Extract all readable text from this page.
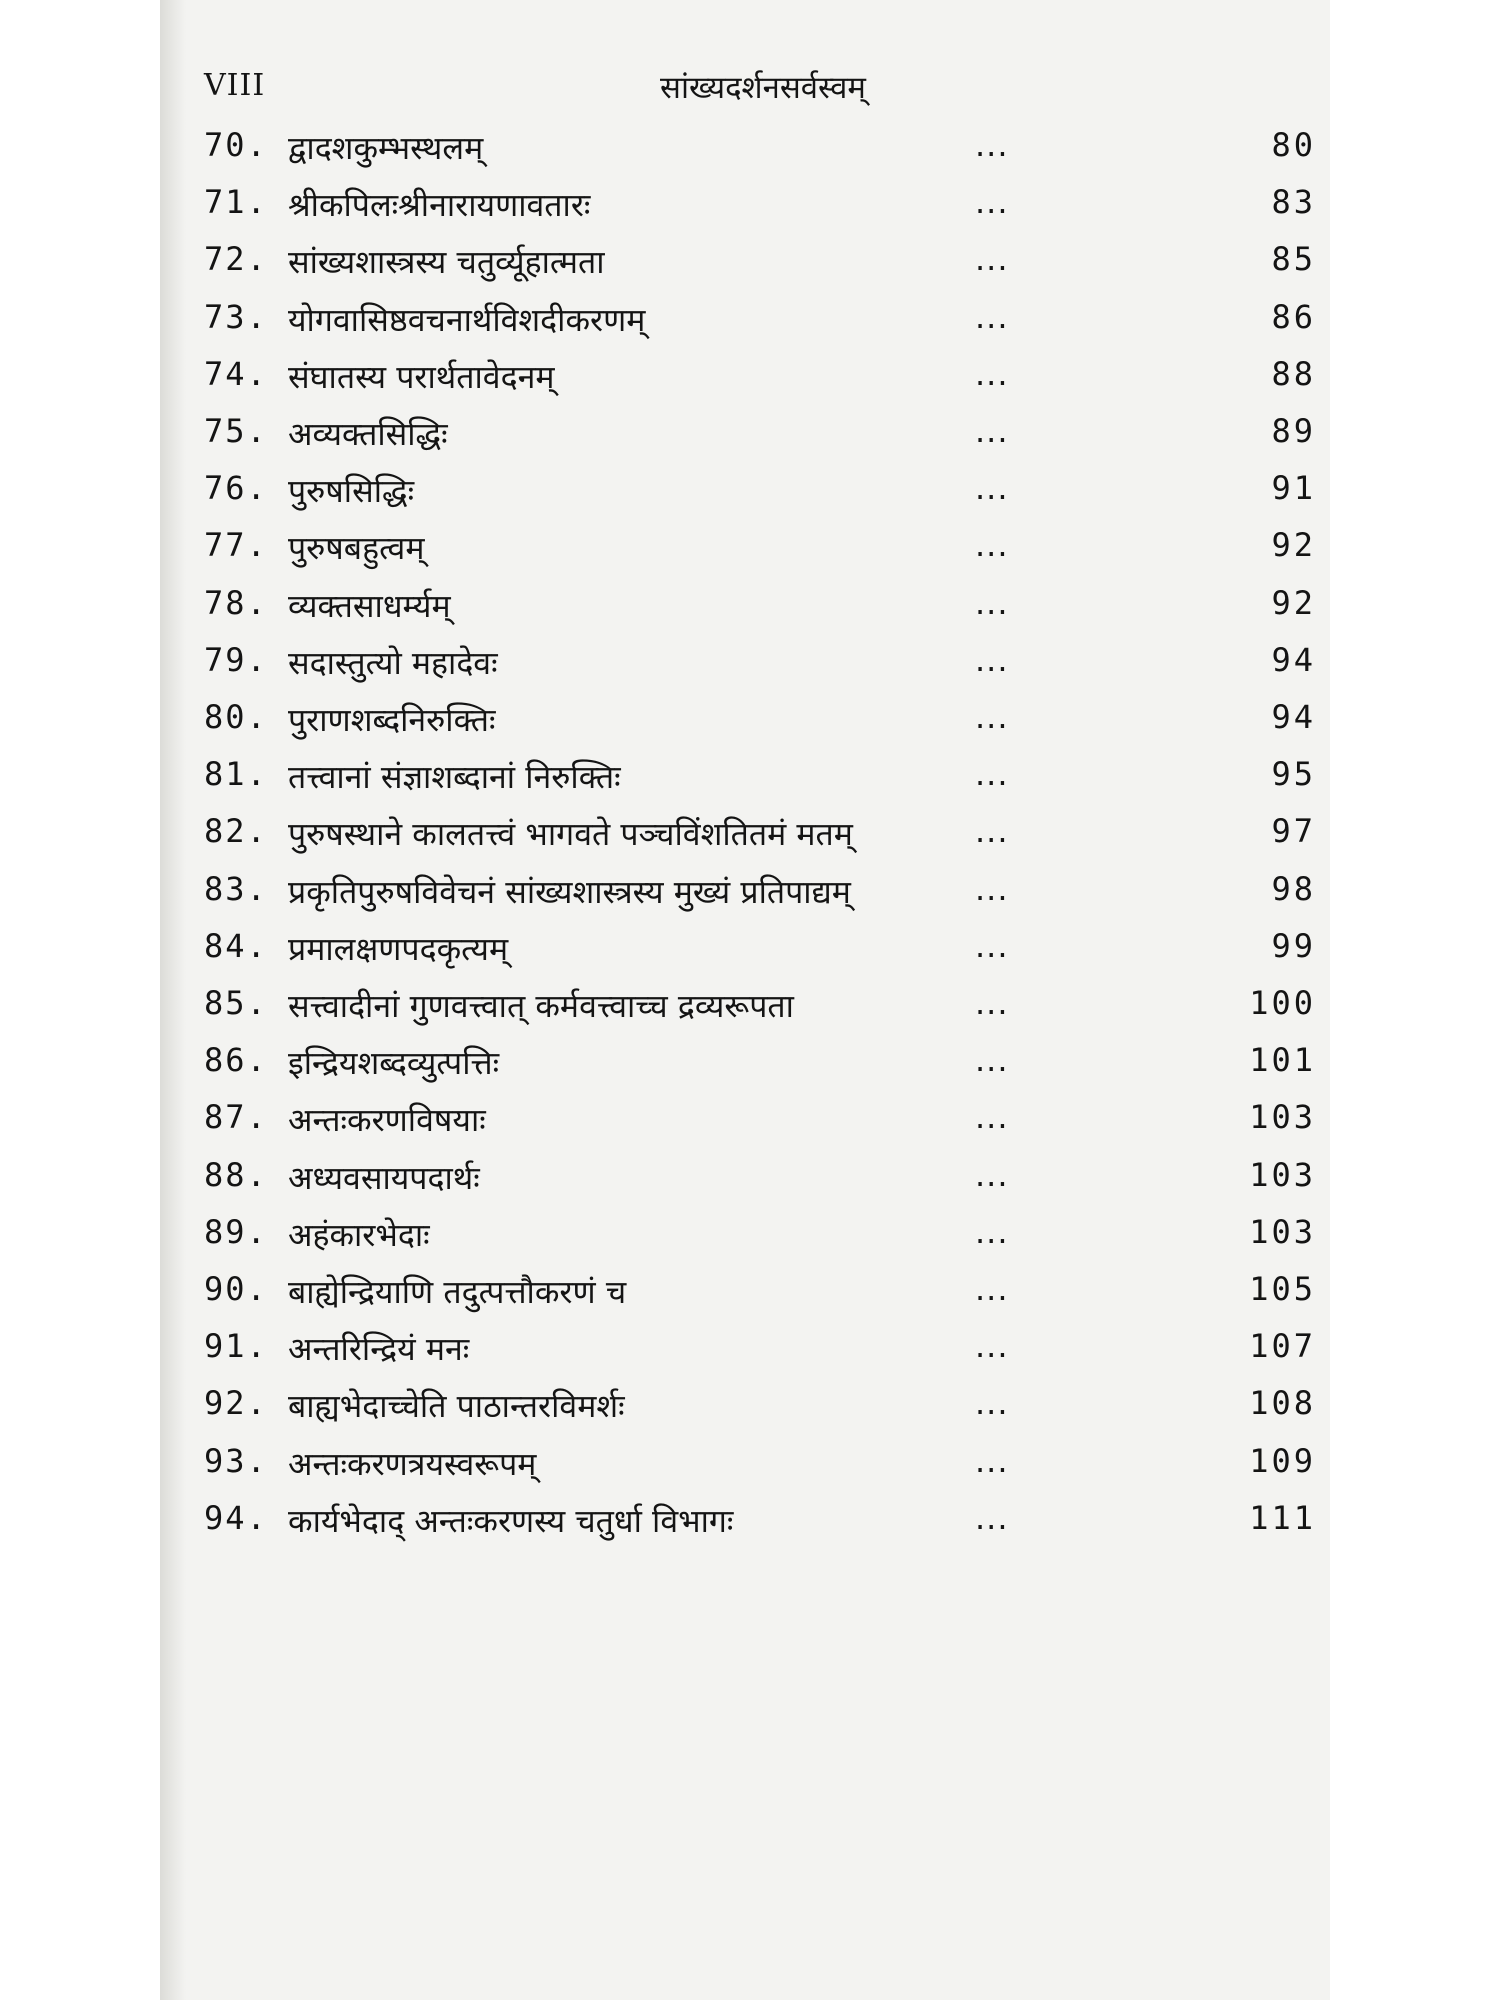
VIII	सांख्यदर्शनसर्वस्वम्
70. द्वादशकुम्भस्थलम्	...	80
71. श्रीकपिलःश्रीनारायणावतारः	...	83
72. सांख्यशास्त्रस्य चतुर्व्यूहात्मता	...	85
73. योगवासिष्ठवचनार्थविशदीकरणम्	...	86
74. संघातस्य परार्थतावेदनम्	...	88
75. अव्यक्तसिद्धिः	...	89
76. पुरुषसिद्धिः	...	91
77. पुरुषबहुत्वम्	...	92
78. व्यक्तसाधर्म्यम्	...	92
79. सदास्तुत्यो महादेवः	...	94
80. पुराणशब्दनिरुक्तिः	...	94
81. तत्त्वानां संज्ञाशब्दानां निरुक्तिः	...	95
82. पुरुषस्थाने कालतत्त्वं भागवते पञ्चविंशतितमं मतम्	...	97
83. प्रकृतिपुरुषविवेचनं सांख्यशास्त्रस्य मुख्यं प्रतिपाद्यम्	...	98
84. प्रमालक्षणपदकृत्यम्	...	99
85. सत्त्वादीनां गुणवत्त्वात् कर्मवत्त्वाच्च द्रव्यरूपता	...	100
86. इन्द्रियशब्दव्युत्पत्तिः	...	101
87. अन्तःकरणविषयाः	...	103
88. अध्यवसायपदार्थः	...	103
89. अहंकारभेदाः	...	103
90. बाह्येन्द्रियाणि तदुत्पत्तौकरणं च	...	105
91. अन्तरिन्द्रियं मनः	...	107
92. बाह्यभेदाच्चेति पाठान्तरविमर्शः	...	108
93. अन्तःकरणत्रयस्वरूपम्	...	109
94. कार्यभेदाद् अन्तःकरणस्य चतुर्धा विभागः	...	111
